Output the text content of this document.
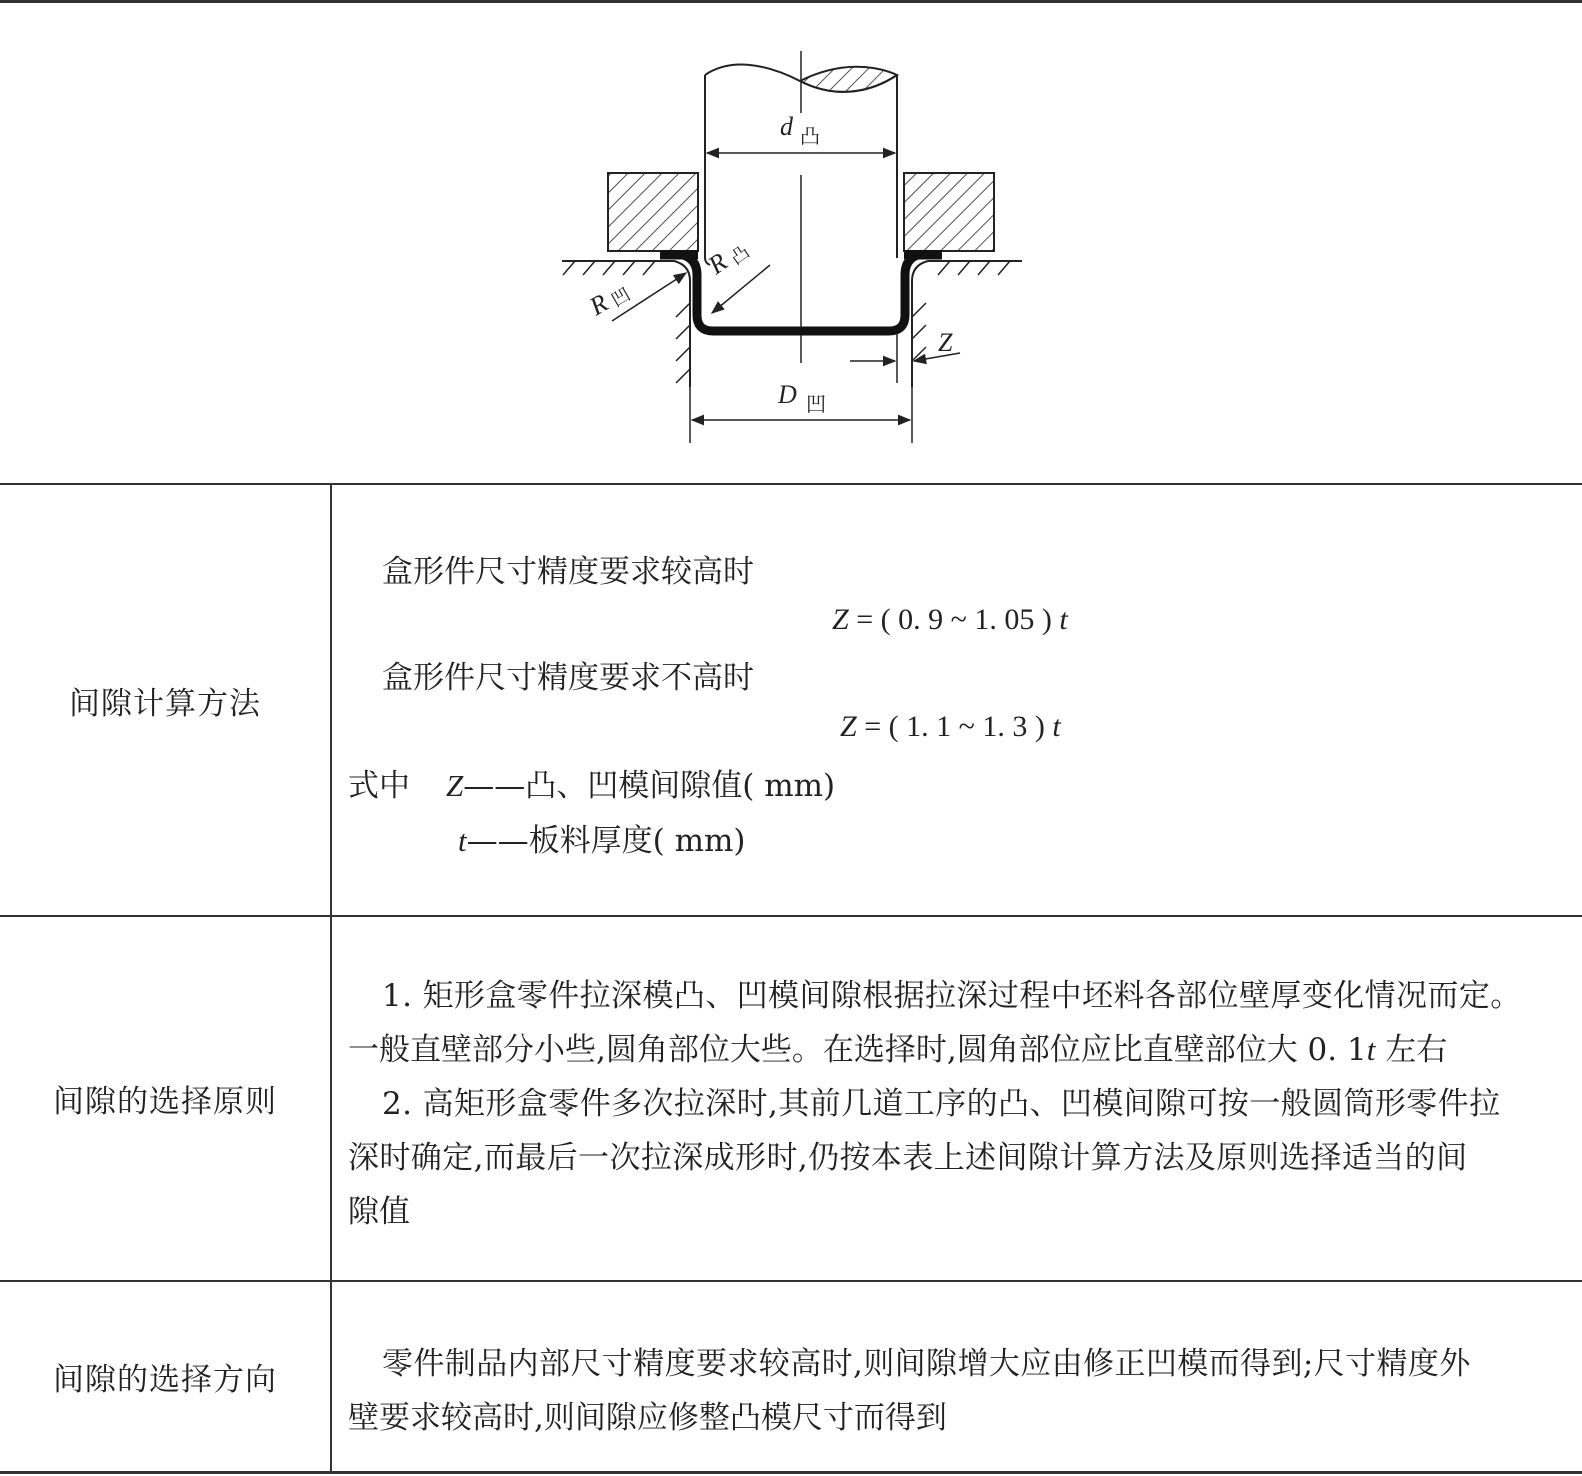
d 凸
R
凸
R
凹
Z
D 凹
间隙计算方法
盒形件尺寸精度要求较高时
Z = ( 0. 9 ~ 1. 05 ) t
盒形件尺寸精度要求不高时
Z = ( 1. 1 ~ 1. 3 ) t
式中 Z——凸、凹模间隙值( mm)
t——板料厚度( mm)
间隙的选择原则
1. 矩形盒零件拉深模凸、凹模间隙根据拉深过程中坯料各部位壁厚变化情况而定。
一般直壁部分小些,圆角部位大些。在选择时,圆角部位应比直壁部位大 0. 1t 左右
2. 高矩形盒零件多次拉深时,其前几道工序的凸、凹模间隙可按一般圆筒形零件拉
深时确定,而最后一次拉深成形时,仍按本表上述间隙计算方法及原则选择适当的间
隙值
间隙的选择方向	零件制品内部尺寸精度要求较高时,则间隙增大应由修正凹模而得到;尺寸精度外
壁要求较高时,则间隙应修整凸模尺寸而得到
